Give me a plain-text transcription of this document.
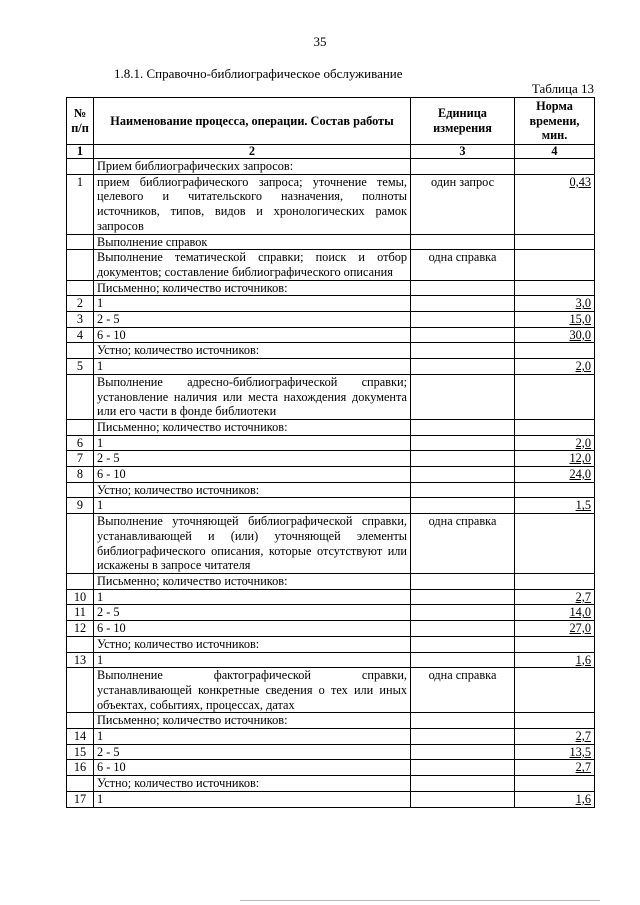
35
1.8.1. Справочно-библиографическое обслуживание
Таблица 13
№ п/п	Наименование процесса, операции. Состав работы	Единица измерения	Норма времени, мин.
1	2	3	4
	Прием библиографических запросов:		
1	прием библиографического запроса; уточнение темы, целевого и читательского назначения, полноты источников, типов, видов и хронологических рамок запросов	один запрос	0,43
	Выполнение справок		
	Выполнение тематической справки; поиск и отбор документов; составление библиографического описания	одна справка	
	Письменно; количество источников:		
2	1		3,0
3	2 - 5		15,0
4	6 - 10		30,0
	Устно; количество источников:		
5	1		2,0
	Выполнение адресно-библиографической справки; установление наличия или места нахождения документа или его части в фонде библиотеки		
	Письменно; количество источников:		
6	1		2,0
7	2 - 5		12,0
8	6 - 10		24,0
	Устно; количество источников:		
9	1		1,5
	Выполнение уточняющей библиографической справки, устанавливающей и (или) уточняющей элементы библиографического описания, которые отсутствуют или искажены в запросе читателя	одна справка	
	Письменно; количество источников:		
10	1		2,7
11	2 - 5		14,0
12	6 - 10		27,0
	Устно; количество источников:		
13	1		1,6
	Выполнение фактографической справки, устанавливающей конкретные сведения о тех или иных объектах, событиях, процессах, датах	одна справка	
	Письменно; количество источников:		
14	1		2,7
15	2 - 5		13,5
16	6 - 10		2,7
	Устно; количество источников:		
17	1		1,6
